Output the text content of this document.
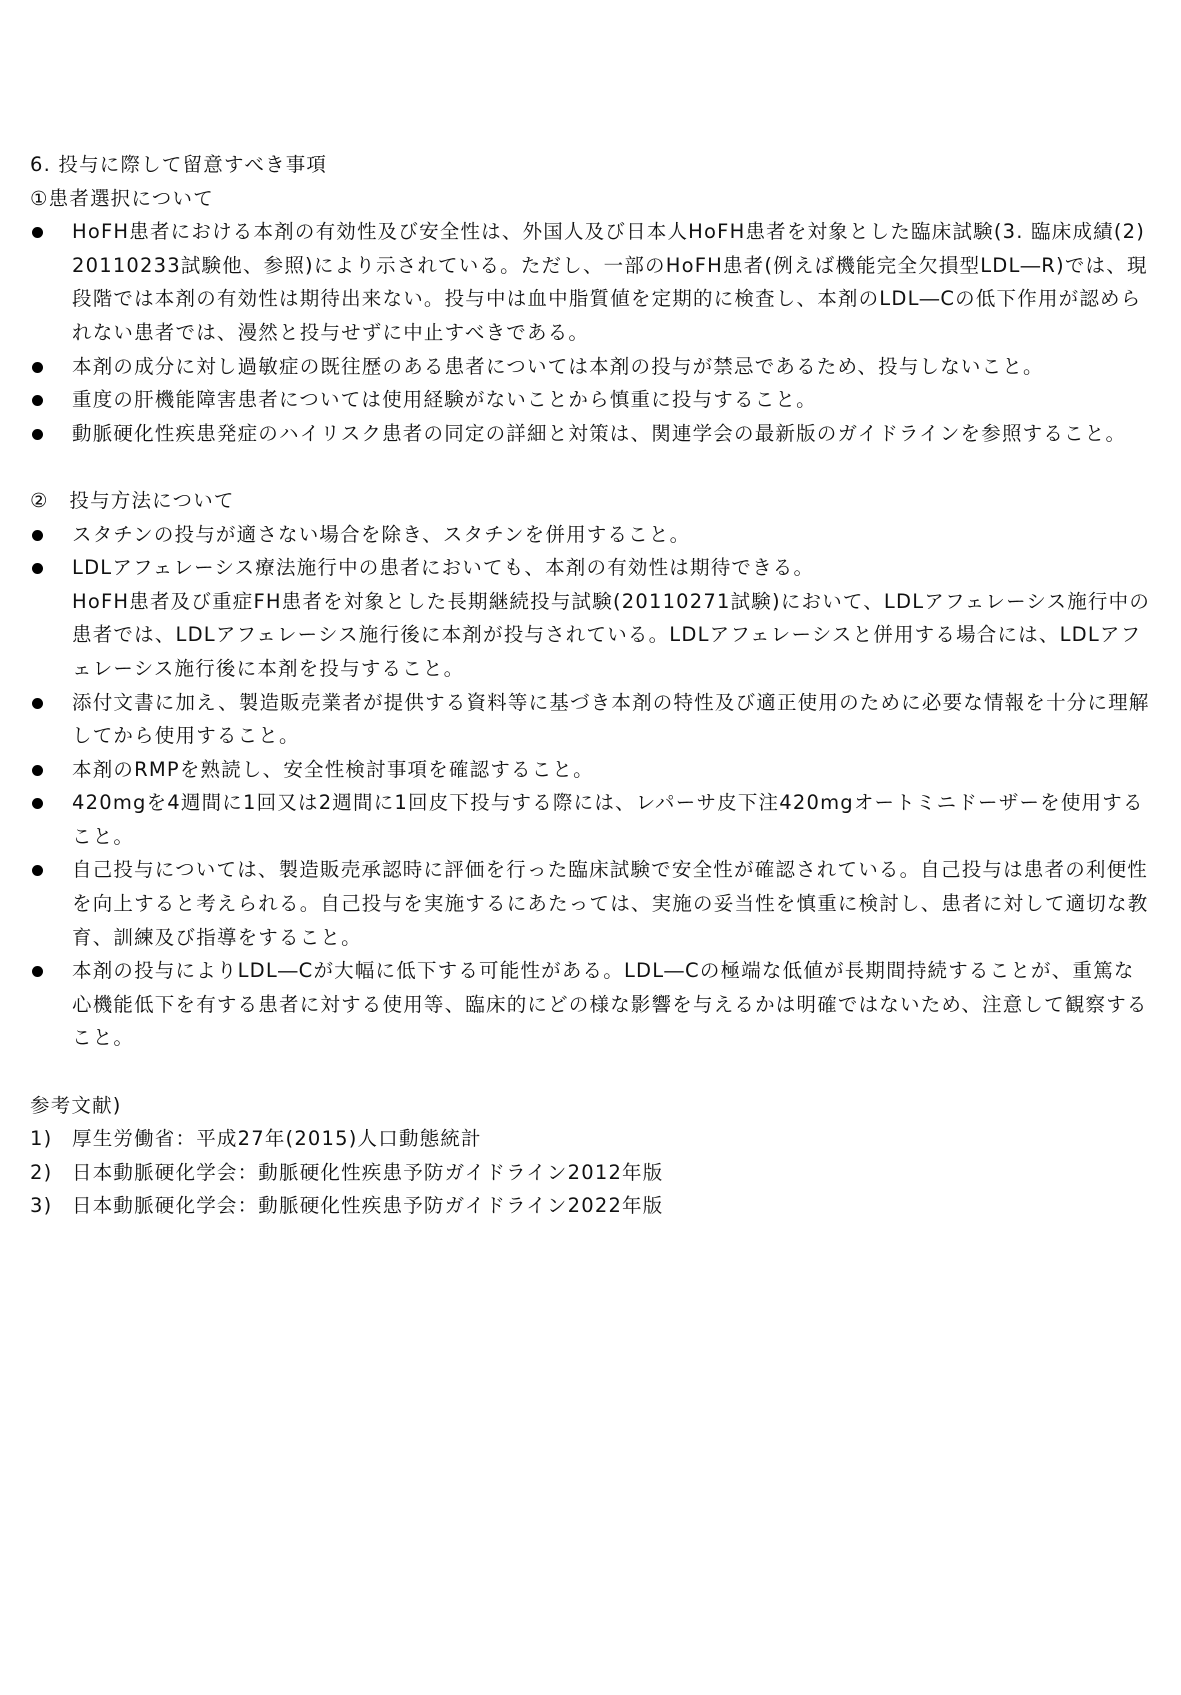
6. 投与に際して留意すべき事項
①患者選択について
HoFH患者における本剤の有効性及び安全性は、外国人及び日本人HoFH患者を対象とした臨床試験(3. 臨床成績(2)20110233試験他、参照)により示されている。ただし、一部のHoFH患者(例えば機能完全欠損型LDL―R)では、現段階では本剤の有効性は期待出来ない。投与中は血中脂質値を定期的に検査し、本剤のLDL―Cの低下作用が認められない患者では、漫然と投与せずに中止すべきである。
本剤の成分に対し過敏症の既往歴のある患者については本剤の投与が禁忌であるため、投与しないこと。
重度の肝機能障害患者については使用経験がないことから慎重に投与すること。
動脈硬化性疾患発症のハイリスク患者の同定の詳細と対策は、関連学会の最新版のガイドラインを参照すること。
②　投与方法について
スタチンの投与が適さない場合を除き、スタチンを併用すること。
LDLアフェレーシス療法施行中の患者においても、本剤の有効性は期待できる。
HoFH患者及び重症FH患者を対象とした長期継続投与試験(20110271試験)において、LDLアフェレーシス施行中の患者では、LDLアフェレーシス施行後に本剤が投与されている。LDLアフェレーシスと併用する場合には、LDLアフェレーシス施行後に本剤を投与すること。
添付文書に加え、製造販売業者が提供する資料等に基づき本剤の特性及び適正使用のために必要な情報を十分に理解してから使用すること。
本剤のRMPを熟読し、安全性検討事項を確認すること。
420mgを4週間に1回又は2週間に1回皮下投与する際には、レパーサ皮下注420mgオートミニドーザーを使用すること。
自己投与については、製造販売承認時に評価を行った臨床試験で安全性が確認されている。自己投与は患者の利便性を向上すると考えられる。自己投与を実施するにあたっては、実施の妥当性を慎重に検討し、患者に対して適切な教育、訓練及び指導をすること。
本剤の投与によりLDL―Cが大幅に低下する可能性がある。LDL―Cの極端な低値が長期間持続することが、重篤な心機能低下を有する患者に対する使用等、臨床的にどの様な影響を与えるかは明確ではないため、注意して観察すること。
参考文献)
1)	厚生労働省：平成27年(2015)人口動態統計
2)	日本動脈硬化学会：動脈硬化性疾患予防ガイドライン2012年版
3)	日本動脈硬化学会：動脈硬化性疾患予防ガイドライン2022年版
